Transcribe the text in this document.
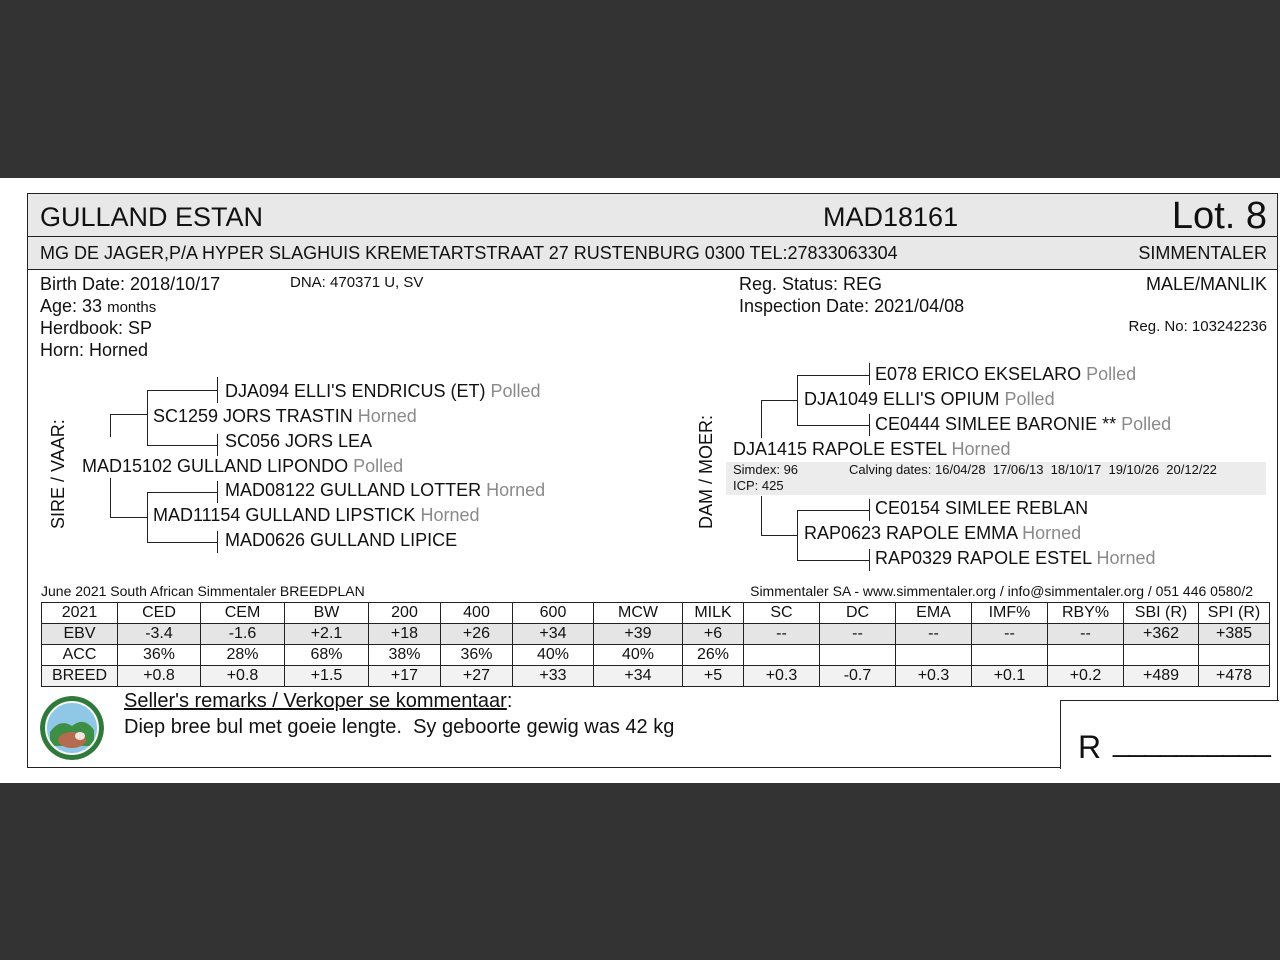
GULLAND ESTAN	MAD18161	Lot. 8
MG DE JAGER,P/A HYPER SLAGHUIS KREMETARTSTRAAT 27 RUSTENBURG 0300 TEL:27833063304	SIMMENTALER
Birth Date: 2018/10/17	DNA: 470371 U, SV
Age: 33 months
Herdbook: SP
Horn: Horned
Reg. Status: REG
Inspection Date: 2021/04/08
MALE/MANLIK
Reg. No: 103242236
SIRE / VAAR:
DJA094 ELLI'S ENDRICUS (ET) Polled
SC1259 JORS TRASTIN Horned
SC056 JORS LEA
MAD15102 GULLAND LIPONDO Polled
MAD08122 GULLAND LOTTER Horned
MAD11154 GULLAND LIPSTICK Horned
MAD0626 GULLAND LIPICE
DAM / MOER:
E078 ERICO EKSELARO Polled
DJA1049 ELLI'S OPIUM Polled
CE0444 SIMLEE BARONIE ** Polled
DJA1415 RAPOLE ESTEL Horned
Simdex: 96	Calving dates: 16/04/28  17/06/13  18/10/17  19/10/26  20/12/22
ICP: 425
CE0154 SIMLEE REBLAN
RAP0623 RAPOLE EMMA Horned
RAP0329 RAPOLE ESTEL Horned
June 2021 South African Simmentaler BREEDPLAN	Simmentaler SA - www.simmentaler.org / info@simmentaler.org / 051 446 0580/2
2021	CED	CEM	BW	200	400	600	MCW	MILK	SC	DC	EMA	IMF%	RBY%	SBI (R)	SPI (R)
EBV	-3.4	-1.6	+2.1	+18	+26	+34	+39	+6	--	--	--	--	--	+362	+385
ACC	36%	28%	68%	38%	36%	40%	40%	26%							
BREED	+0.8	+0.8	+1.5	+17	+27	+33	+34	+5	+0.3	-0.7	+0.3	+0.1	+0.2	+489	+478
Seller's remarks / Verkoper se kommentaar:
Diep bree bul met goeie lengte.  Sy geboorte gewig was 42 kg
R __________
